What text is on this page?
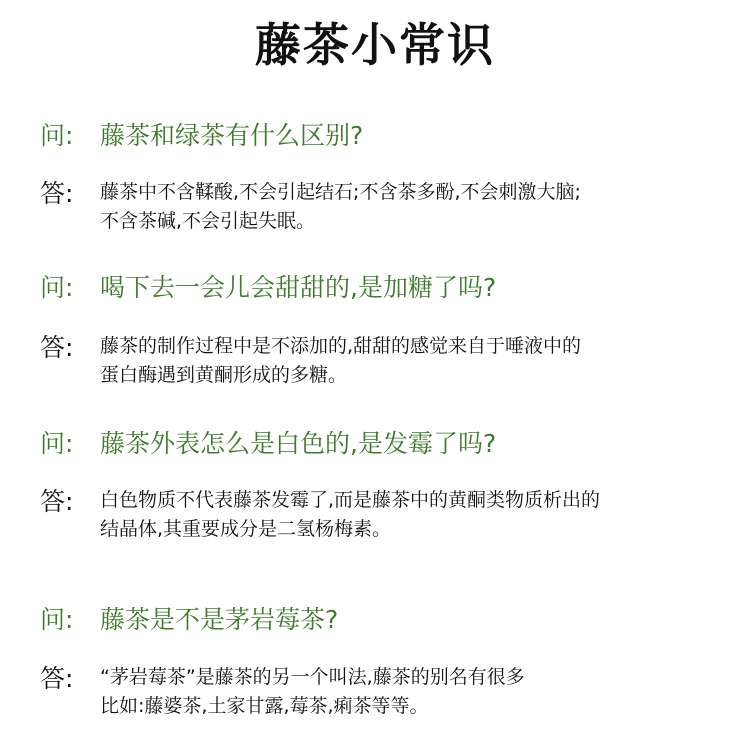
藤茶小常识
问:	藤茶和绿茶有什么区别?
答:	藤茶中不含鞣酸,不会引起结石;不含茶多酚,不会刺激大脑;
不含茶碱,不会引起失眠。
问:	喝下去一会儿会甜甜的,是加糖了吗?
答:	藤茶的制作过程中是不添加的,甜甜的感觉来自于唾液中的
蛋白酶遇到黄酮形成的多糖。
问:	藤茶外表怎么是白色的,是发霉了吗?
答:	白色物质不代表藤茶发霉了,而是藤茶中的黄酮类物质析出的
结晶体,其重要成分是二氢杨梅素。
问:	藤茶是不是茅岩莓茶?
答:	“茅岩莓茶”是藤茶的另一个叫法,藤茶的别名有很多
比如:藤婆茶,土家甘露,莓茶,痢茶等等。
